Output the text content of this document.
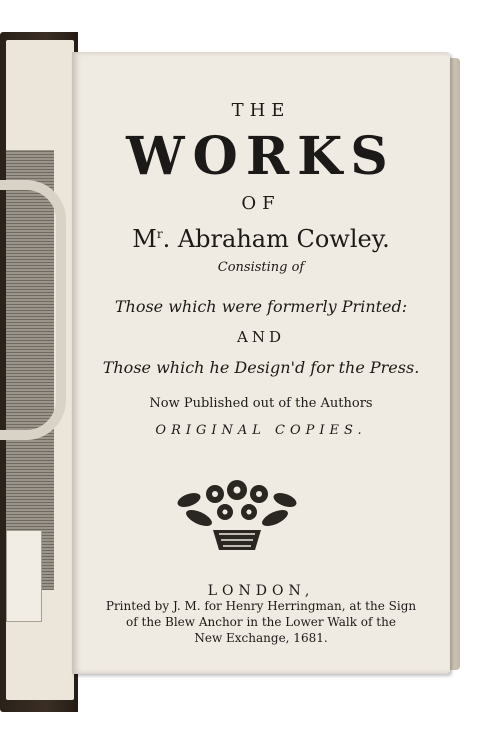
THE
WORKS
OF
$M^r$. Abraham Cowley.
Consisting of
Those which were formerly Printed:
AND
Those which he Design'd for the Press.
Now Published out of the Authors
ORIGINAL COPIES.
LONDON,
Printed by J. M. for Henry Herringman, at the Sign
of the Blew Anchor in the Lower Walk of the
New Exchange, 1681.
